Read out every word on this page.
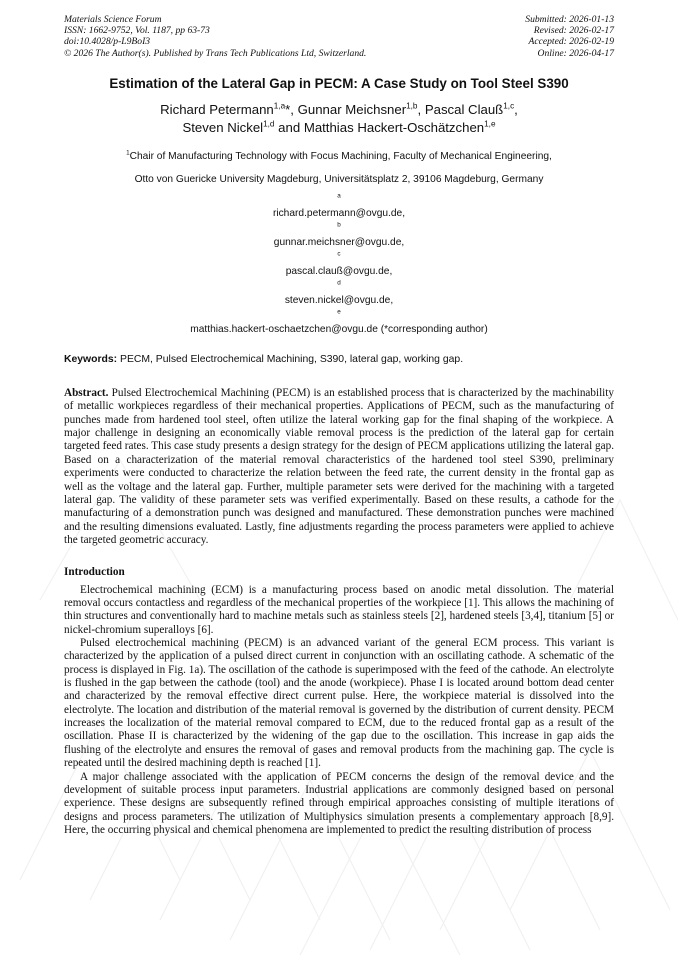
Materials Science Forum
ISSN: 1662-9752, Vol. 1187, pp 63-73
doi:10.4028/p-L9BoI3
© 2026 The Author(s). Published by Trans Tech Publications Ltd, Switzerland.
Submitted: 2026-01-13
Revised: 2026-02-17
Accepted: 2026-02-19
Online: 2026-04-17
Estimation of the Lateral Gap in PECM: A Case Study on Tool Steel S390
Richard Petermann$^{1,a}$*, Gunnar Meichsner$^{1,b}$, Pascal Clauß$^{1,c}$,
Steven Nickel$^{1,d}$ and Matthias Hackert-Oschätzchen$^{1,e}$
$^1$Chair of Manufacturing Technology with Focus Machining, Faculty of Mechanical Engineering,
Otto von Guericke University Magdeburg, Universitätsplatz 2, 39106 Magdeburg, Germany
$^a$
richard.petermann@ovgu.de,
$^b$
gunnar.meichsner@ovgu.de,
$^c$
pascal.clauß@ovgu.de,
$^d$
steven.nickel@ovgu.de,
$^e$
matthias.hackert-oschaetzchen@ovgu.de (*corresponding author)
Keywords: PECM, Pulsed Electrochemical Machining, S390, lateral gap, working gap.

Abstract. Pulsed Electrochemical Machining (PECM) is an established process that is characterized by the machinability of metallic workpieces regardless of their mechanical properties. Applications of PECM, such as the manufacturing of punches made from hardened tool steel, often utilize the lateral working gap for the final shaping of the workpiece. A major challenge in designing an economically viable removal process is the prediction of the lateral gap for certain targeted feed rates. This case study presents a design strategy for the design of PECM applications utilizing the lateral gap. Based on a characterization of the material removal characteristics of the hardened tool steel S390, preliminary experiments were conducted to characterize the relation between the feed rate, the current density in the frontal gap as well as the voltage and the lateral gap. Further, multiple parameter sets were derived for the machining with a targeted lateral gap. The validity of these parameter sets was verified experimentally. Based on these results, a cathode for the manufacturing of a demonstration punch was designed and manufactured. These demonstration punches were machined and the resulting dimensions evaluated. Lastly, fine adjustments regarding the process parameters were applied to achieve the targeted geometric accuracy.

Introduction

Electrochemical machining (ECM) is a manufacturing process based on anodic metal dissolution. The material removal occurs contactless and regardless of the mechanical properties of the workpiece [1]. This allows the machining of thin structures and conventionally hard to machine metals such as stainless steels [2], hardened steels [3,4], titanium [5] or nickel-chromium superalloys [6].

Pulsed electrochemical machining (PECM) is an advanced variant of the general ECM process. This variant is characterized by the application of a pulsed direct current in conjunction with an oscillating cathode. A schematic of the process is displayed in Fig. 1a). The oscillation of the cathode is superimposed with the feed of the cathode. An electrolyte is flushed in the gap between the cathode (tool) and the anode (workpiece). Phase I is located around bottom dead center and characterized by the removal effective direct current pulse. Here, the workpiece material is dissolved into the electrolyte. The location and distribution of the material removal is governed by the distribution of current density. PECM increases the localization of the material removal compared to ECM, due to the reduced frontal gap as a result of the oscillation. Phase II is characterized by the widening of the gap due to the oscillation. This increase in gap aids the flushing of the electrolyte and ensures the removal of gases and removal products from the machining gap. The cycle is repeated until the desired machining depth is reached [1].

A major challenge associated with the application of PECM concerns the design of the removal device and the development of suitable process input parameters. Industrial applications are commonly designed based on personal experience. These designs are subsequently refined through empirical approaches consisting of multiple iterations of designs and process parameters. The utilization of Multiphysics simulation presents a complementary approach [8,9]. Here, the occurring physical and chemical phenomena are implemented to predict the resulting distribution of process
